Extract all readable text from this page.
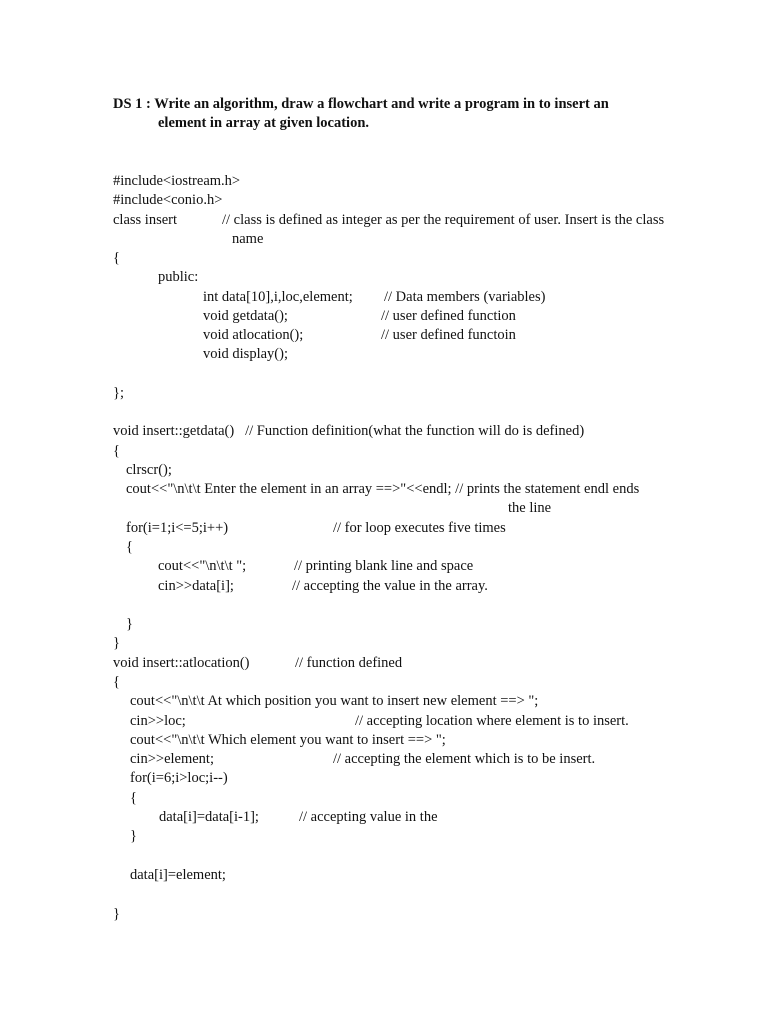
DS 1 : Write an algorithm, draw a flowchart and write a program in to insert an
element in array at given location.
#include<iostream.h>
#include<conio.h>
class insert	// class is defined as integer as per the requirement of user. Insert is the class
name
{
public:
int data[10],i,loc,element; // Data members (variables)
void getdata();	// user defined function
void atlocation();	// user defined functoin
void display();
};
void insert::getdata()   // Function definition(what the function will do is defined)
{
clrscr();
cout<<"\n\t\t Enter the element in an array ==>"<<endl; // prints the statement endl ends
the line
for(i=1;i<=5;i++)	// for loop executes five times
{
cout<<"\n\t\t ";	// printing blank line and space
cin>>data[i];	// accepting the value in the array.
}
}
void insert::atlocation()	// function defined
{
cout<<"\n\t\t At which position you want to insert new element ==> ";
cin>>loc;	// accepting location where element is to insert.
cout<<"\n\t\t Which element you want to insert ==> ";
cin>>element;	// accepting the element which is to be insert.
for(i=6;i>loc;i--)
{
data[i]=data[i-1];	// accepting value in the
}
data[i]=element;
}
